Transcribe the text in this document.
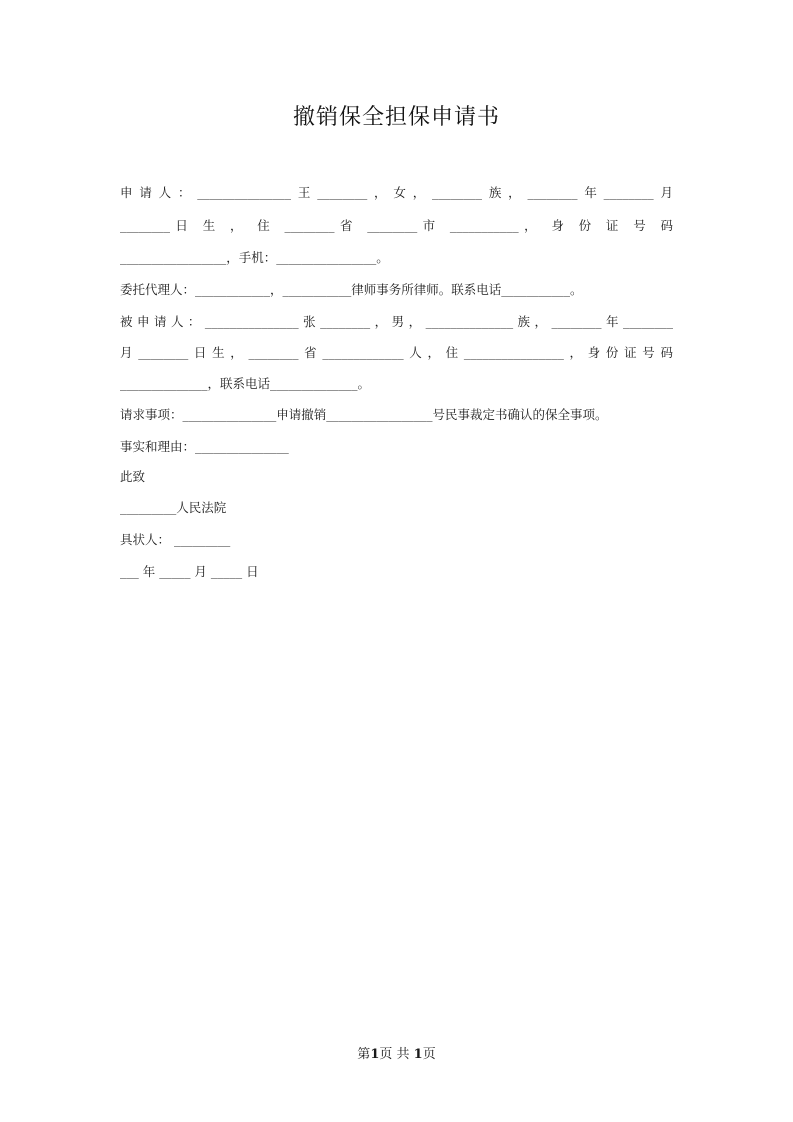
撤销保全担保申请书
申请人：_______________王________，女，________族，________年________月
________日 生 ， 住 ________省 ________市 ___________， 身 份 证 号 码
_________________，手机：________________。
委托代理人：____________，___________律师事务所律师。联系电话___________。
被申请人：_______________张________，男，______________族，________年________
月________日生，________省_____________人，住________________，身份证号码
______________，联系电话______________。
请求事项：_______________申请撤销_________________号民事裁定书确认的保全事项。
事实和理由：_______________
此致
_________人民法院
具状人： _________
___ 年 _____ 月 _____ 日
第1页 共 1页
